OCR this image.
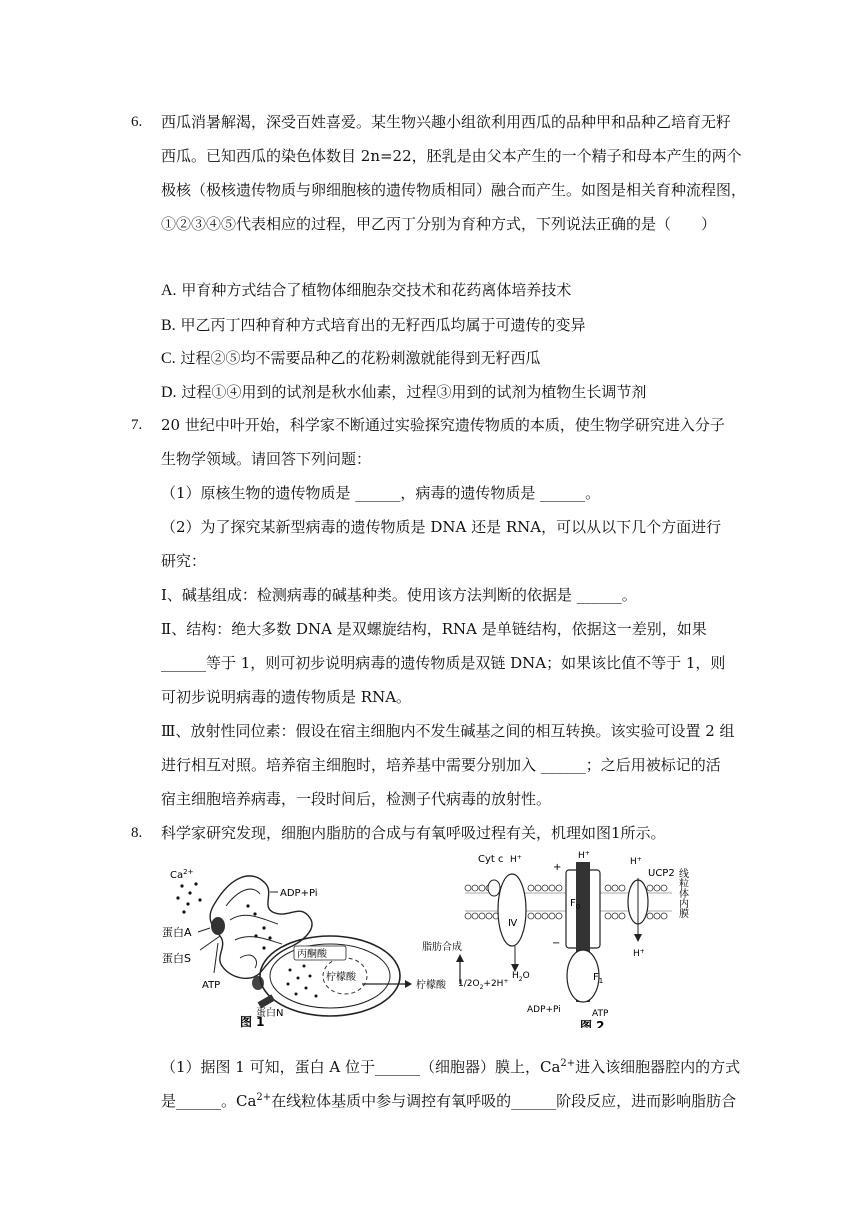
6. 西瓜消暑解渴，深受百姓喜爱。某生物兴趣小组欲利用西瓜的品种甲和品种乙培育无籽
西瓜。已知西瓜的染色体数目 2n=22，胚乳是由父本产生的一个精子和母本产生的两个
极核（极核遗传物质与卵细胞核的遗传物质相同）融合而产生。如图是相关育种流程图，
①②③④⑤代表相应的过程，甲乙丙丁分别为育种方式，下列说法正确的是（　　）
A. 甲育种方式结合了植物体细胞杂交技术和花药离体培养技术
B. 甲乙丙丁四种育种方式培育出的无籽西瓜均属于可遗传的变异
C. 过程②⑤均不需要品种乙的花粉刺激就能得到无籽西瓜
D. 过程①④用到的试剂是秋水仙素，过程③用到的试剂为植物生长调节剂
7. 20 世纪中叶开始，科学家不断通过实验探究遗传物质的本质，使生物学研究进入分子
生物学领域。请回答下列问题：
（1）原核生物的遗传物质是 ______，病毒的遗传物质是 ______。
（2）为了探究某新型病毒的遗传物质是 DNA 还是 RNA，可以从以下几个方面进行
研究：
Ⅰ、碱基组成：检测病毒的碱基种类。使用该方法判断的依据是 ______。
Ⅱ、结构：绝大多数 DNA 是双螺旋结构，RNA 是单链结构，依据这一差别，如果
______等于 1，则可初步说明病毒的遗传物质是双链 DNA；如果该比值不等于 1，则
可初步说明病毒的遗传物质是 RNA。
Ⅲ、放射性同位素：假设在宿主细胞内不发生碱基之间的相互转换。该实验可设置 2 组
进行相互对照。培养宿主细胞时，培养基中需要分别加入 ______；之后用被标记的活
宿主细胞培养病毒，一段时间后，检测子代病毒的放射性。
8. 科学家研究发现，细胞内脂肪的合成与有氧呼吸过程有关，机理如图1所示。
$Ca^{2+}$
ADP+Pi
蛋白A
蛋白S
ATP
丙酮酸
柠檬酸
蛋白N
脂肪合成
柠檬酸
图 1
Cyt c H+	H+
H+
H+
UCP2 线粒体内膜
Ⅳ
$F_0$
$F_1$
$1/2O_2+2H^+$
$H_2O$
ADP+Pi	ATP
+
−
图 2
（1）据图 1 可知，蛋白 A 位于______（细胞器）膜上，$Ca^{2+}$进入该细胞器腔内的方式
是______。$Ca^{2+}$在线粒体基质中参与调控有氧呼吸的______阶段反应，进而影响脂肪合
